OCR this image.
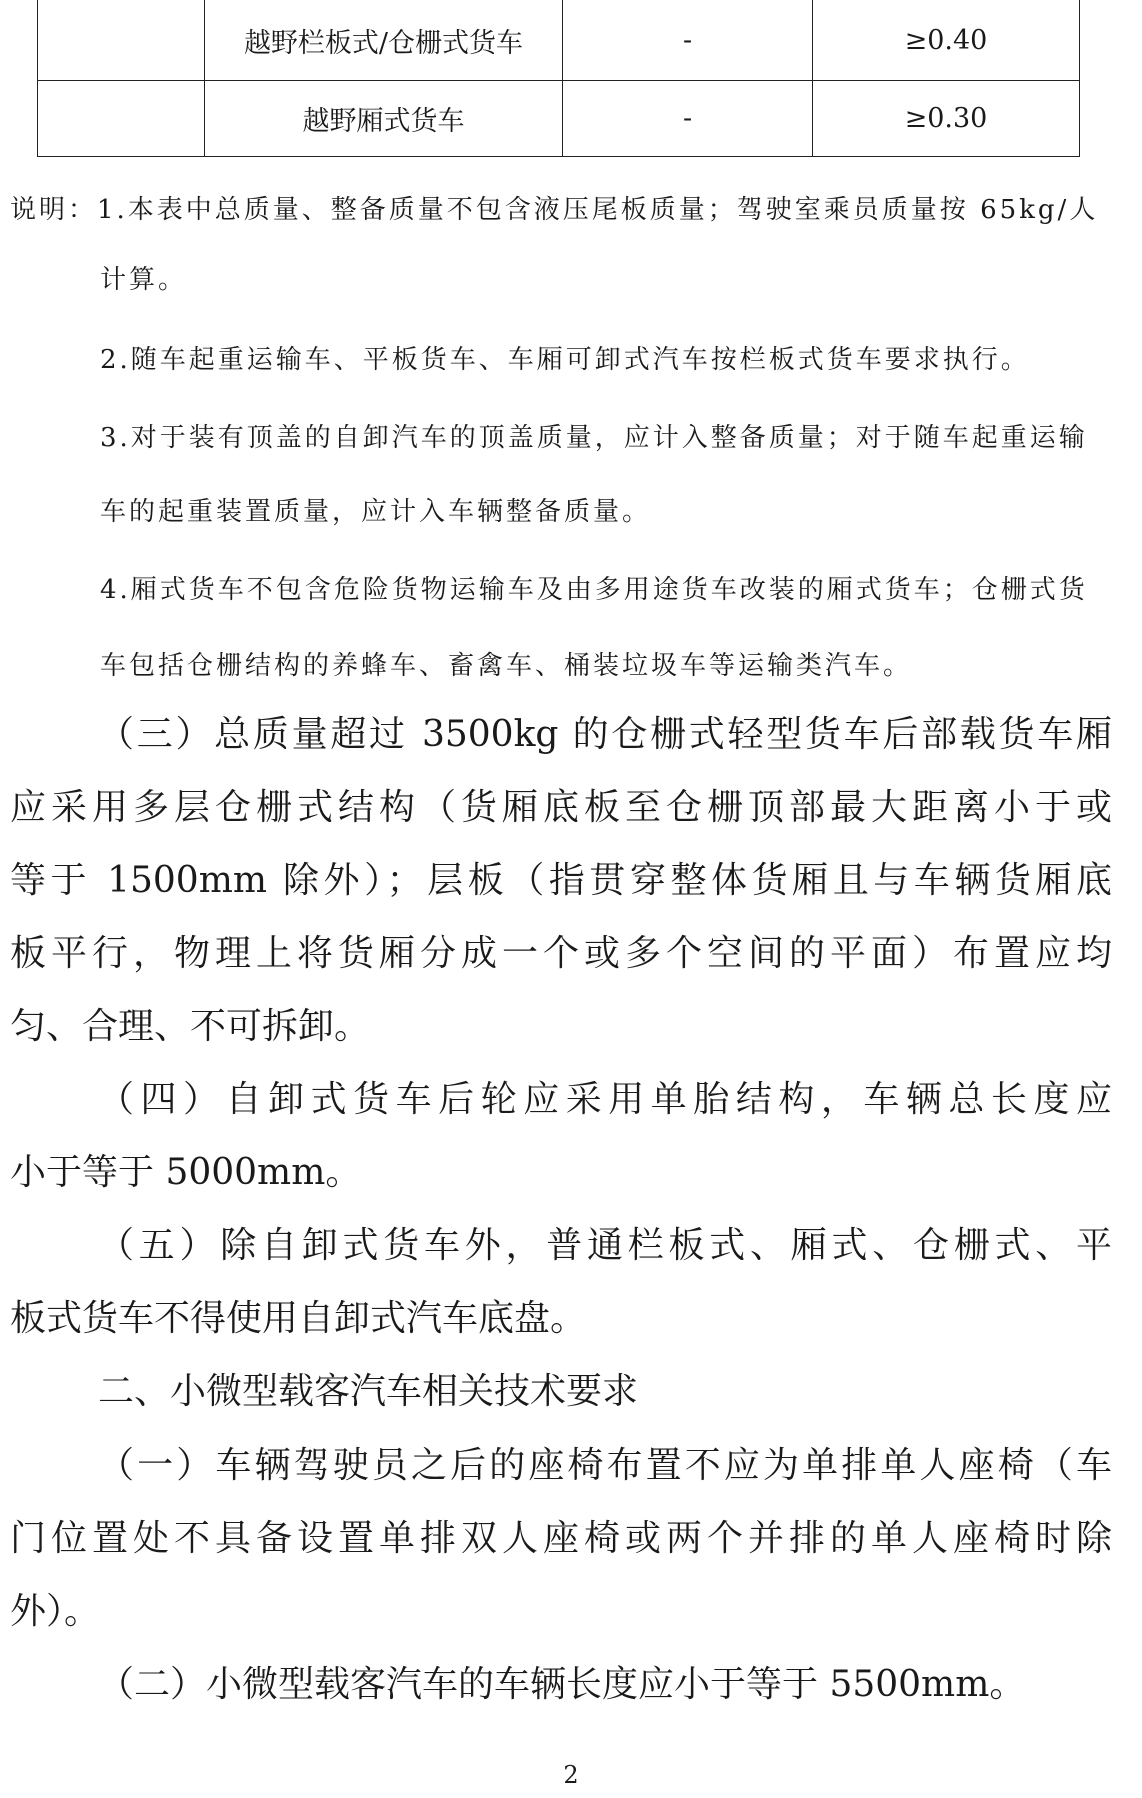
	越野栏板式/仓栅式货车	-	≥0.40
	越野厢式货车	-	≥0.30
说明：1.本表中总质量、整备质量不包含液压尾板质量；驾驶室乘员质量按 65kg/人
计算。
2.随车起重运输车、平板货车、车厢可卸式汽车按栏板式货车要求执行。
3.对于装有顶盖的自卸汽车的顶盖质量，应计入整备质量；对于随车起重运输
车的起重装置质量，应计入车辆整备质量。
4.厢式货车不包含危险货物运输车及由多用途货车改装的厢式货车；仓栅式货
车包括仓栅结构的养蜂车、畜禽车、桶装垃圾车等运输类汽车。
（三）总质量超过 3500kg 的仓栅式轻型货车后部载货车厢
应采用多层仓栅式结构（货厢底板至仓栅顶部最大距离小于或
等于 1500mm 除外）；层板（指贯穿整体货厢且与车辆货厢底
板平行，物理上将货厢分成一个或多个空间的平面）布置应均
匀、合理、不可拆卸。
（四）自卸式货车后轮应采用单胎结构，车辆总长度应
小于等于 5000mm。
（五）除自卸式货车外，普通栏板式、厢式、仓栅式、平
板式货车不得使用自卸式汽车底盘。
二、小微型载客汽车相关技术要求
（一）车辆驾驶员之后的座椅布置不应为单排单人座椅（车
门位置处不具备设置单排双人座椅或两个并排的单人座椅时除
外）。
（二）小微型载客汽车的车辆长度应小于等于 5500mm。
2
